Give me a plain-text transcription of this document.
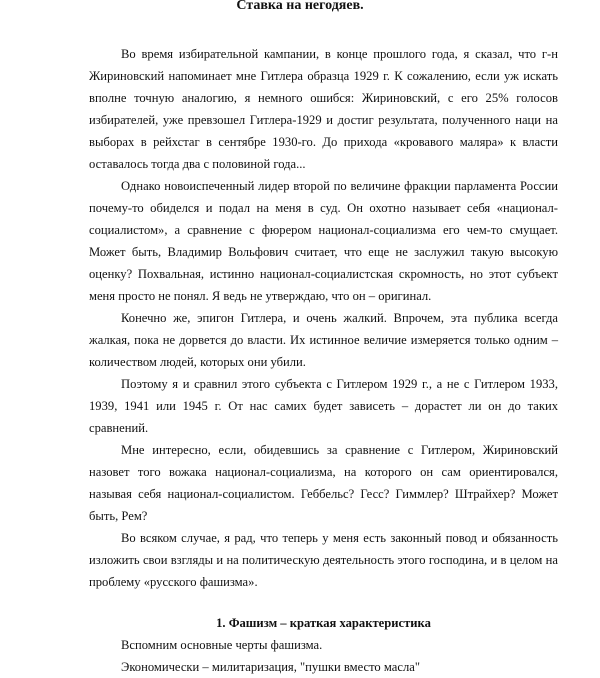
Ставка на негодяев.

Во время избирательной кампании, в конце прошлого года, я сказал, что г-н Жириновский напоминает мне Гитлера образца 1929 г. К сожалению, если уж искать вполне точную аналогию, я немного ошибся: Жириновский, с его 25% голосов избирателей, уже превзошел Гитлера-1929 и достиг результата, полученного наци на выборах в рейхстаг в сентябре 1930-го. До прихода «кровавого маляра» к власти оставалось тогда два с половиной года...

Однако новоиспеченный лидер второй по величине фракции парламента России почему-то обиделся и подал на меня в суд. Он охотно называет себя «национал-социалистом», а сравнение с фюрером национал-социализма его чем-то смущает. Может быть, Владимир Вольфович считает, что еще не заслужил такую высокую оценку? Похвальная, истинно национал-социалистская скромность, но этот субъект меня просто не понял. Я ведь не утверждаю, что он – оригинал.

Конечно же, эпигон Гитлера, и очень жалкий. Впрочем, эта публика всегда жалкая, пока не дорвется до власти. Их истинное величие измеряется только одним – количеством людей, которых они убили.

Поэтому я и сравнил этого субъекта с Гитлером 1929 г., а не с Гитлером 1933, 1939, 1941 или 1945 г. От нас самих будет зависеть – дорастет ли он до таких сравнений.

Мне интересно, если, обидевшись за сравнение с Гитлером, Жириновский назовет того вожака национал-социализма, на которого он сам ориентировался, называя себя национал-социалистом. Геббельс? Гесс? Гиммлер? Штрайхер? Может быть, Рем?

Во всяком случае, я рад, что теперь у меня есть законный повод и обязанность изложить свои взгляды и на политическую деятельность этого господина, и в целом на проблему «русского фашизма».

1. Фашизм – краткая характеристика

Вспомним основные черты фашизма.

Экономически – милитаризация, "пушки вместо масла"
